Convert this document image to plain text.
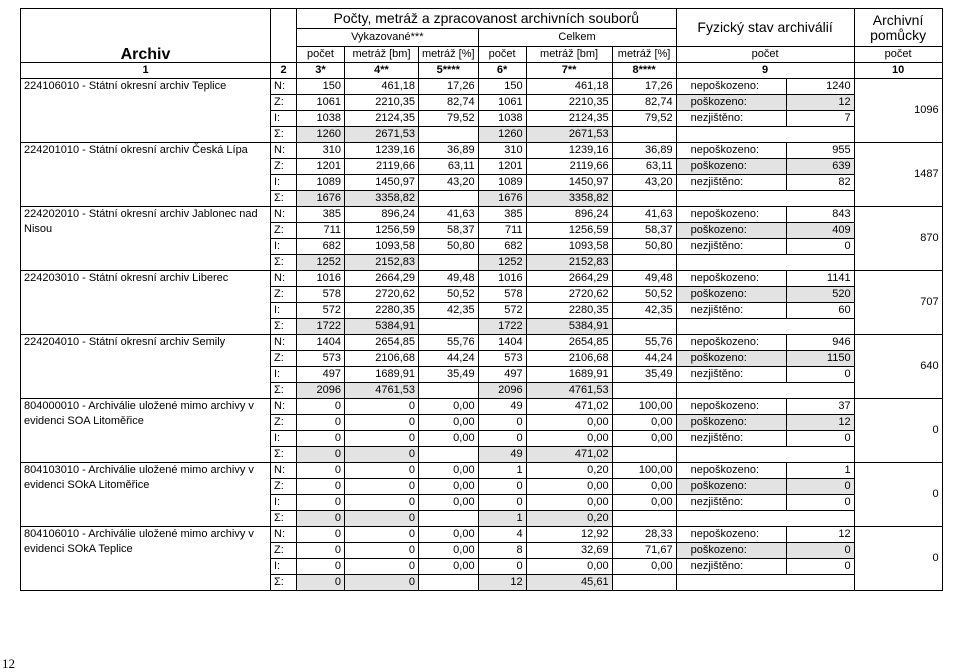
Archiv		Počty, metráž a zpracovanost archivních souborů						Fyzický stav archiválií		Archivní pomůcky
		Vykazované***			Celkem					
		počet	metráž [bm]	metráž [%]	počet	metráž [bm]	metráž [%]	počet		počet
1	2	3*	4**	5****	6*	7**	8****	9		10
224106010 - Státní okresní archiv Teplice	N:	150	461,18	17,26	150	461,18	17,26	nepoškozeno:	1240	1096
	Z:	1061	2210,35	82,74	1061	2210,35	82,74	poškozeno:	12	
	I:	1038	2124,35	79,52	1038	2124,35	79,52	nezjištěno:	7	
	Σ:	1260	2671,53		1260	2671,53				
224201010 - Státní okresní archiv Česká Lípa	N:	310	1239,16	36,89	310	1239,16	36,89	nepoškozeno:	955	1487
	Z:	1201	2119,66	63,11	1201	2119,66	63,11	poškozeno:	639	
	I:	1089	1450,97	43,20	1089	1450,97	43,20	nezjištěno:	82	
	Σ:	1676	3358,82		1676	3358,82				
224202010 - Státní okresní archiv Jablonec nad Nisou	N:	385	896,24	41,63	385	896,24	41,63	nepoškozeno:	843	870
	Z:	711	1256,59	58,37	711	1256,59	58,37	poškozeno:	409	
	I:	682	1093,58	50,80	682	1093,58	50,80	nezjištěno:	0	
	Σ:	1252	2152,83		1252	2152,83				
224203010 - Státní okresní archiv Liberec	N:	1016	2664,29	49,48	1016	2664,29	49,48	nepoškozeno:	1141	707
	Z:	578	2720,62	50,52	578	2720,62	50,52	poškozeno:	520	
	I:	572	2280,35	42,35	572	2280,35	42,35	nezjištěno:	60	
	Σ:	1722	5384,91		1722	5384,91				
224204010 - Státní okresní archiv Semily	N:	1404	2654,85	55,76	1404	2654,85	55,76	nepoškozeno:	946	640
	Z:	573	2106,68	44,24	573	2106,68	44,24	poškozeno:	1150	
	I:	497	1689,91	35,49	497	1689,91	35,49	nezjištěno:	0	
	Σ:	2096	4761,53		2096	4761,53				
804000010 - Archiválie uložené mimo archivy v evidenci SOA Litoměřice	N:	0	0	0,00	49	471,02	100,00	nepoškozeno:	37	0
	Z:	0	0	0,00	0	0,00	0,00	poškozeno:	12	
	I:	0	0	0,00	0	0,00	0,00	nezjištěno:	0	
	Σ:	0	0		49	471,02				
804103010 - Archiválie uložené mimo archivy v evidenci SOkA Litoměřice	N:	0	0	0,00	1	0,20	100,00	nepoškozeno:	1	0
	Z:	0	0	0,00	0	0,00	0,00	poškozeno:	0	
	I:	0	0	0,00	0	0,00	0,00	nezjištěno:	0	
	Σ:	0	0		1	0,20				
804106010 - Archiválie uložené mimo archivy v evidenci SOkA Teplice	N:	0	0	0,00	4	12,92	28,33	nepoškozeno:	12	0
	Z:	0	0	0,00	8	32,69	71,67	poškozeno:	0	
	I:	0	0	0,00	0	0,00	0,00	nezjištěno:	0	
	Σ:	0	0		12	45,61				
12
